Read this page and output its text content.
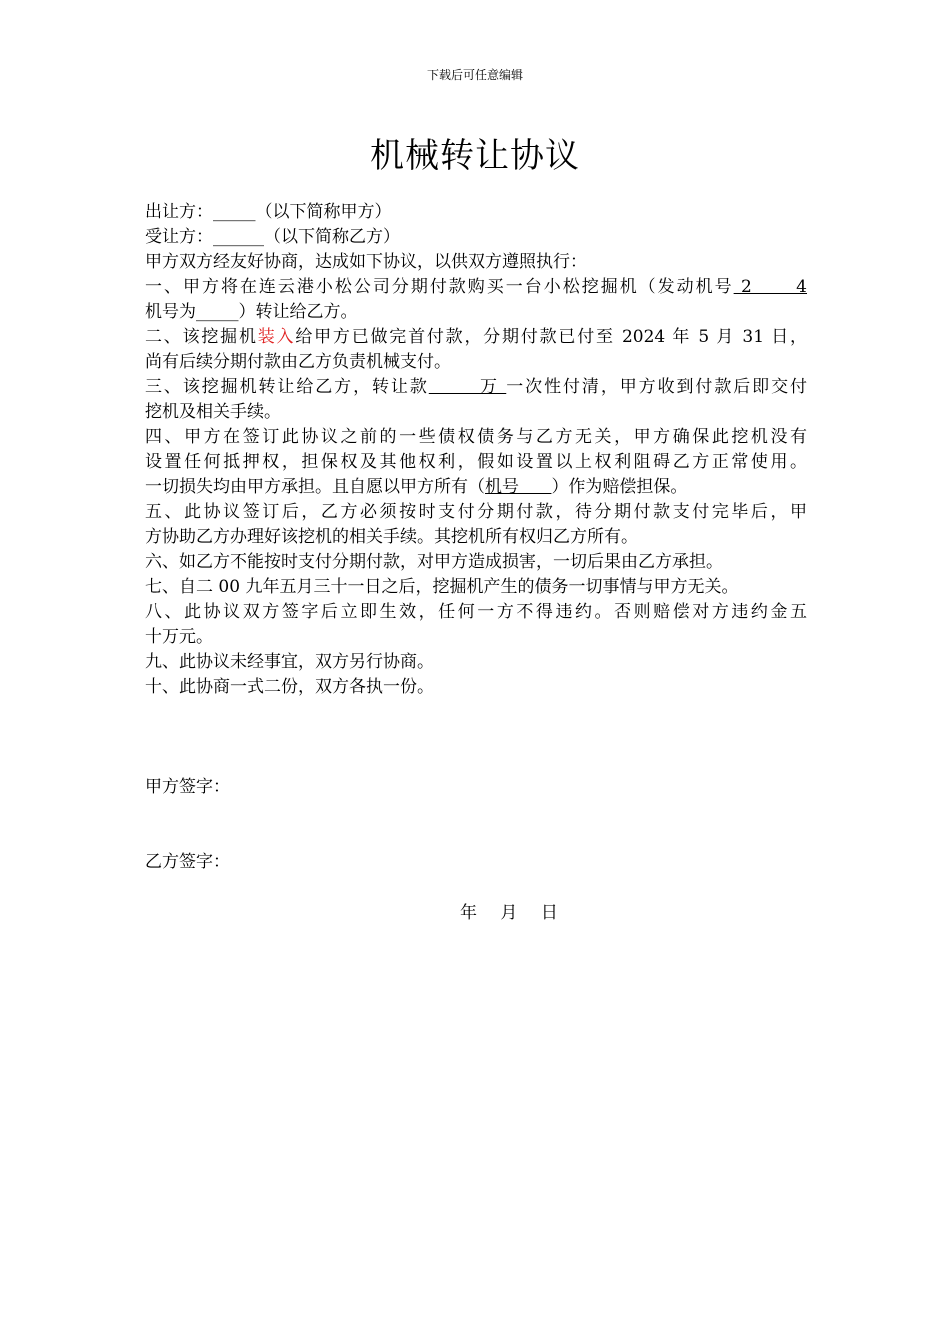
下载后可任意编辑
机械转让协议
出让方：_____（以下简称甲方）
受让方：______（以下简称乙方）
甲方双方经友好协商，达成如下协议，以供双方遵照执行：
一、甲方将在连云港小松公司分期付款购买一台小松挖掘机（发动机号 2      4
机号为_____）转让给乙方。
二、该挖掘机装入给甲方已做完首付款，分期付款已付至 2024 年 5 月 31 日，
尚有后续分期付款由乙方负责机械支付。
三、该挖掘机转让给乙方，转让款       万 一次性付清，甲方收到付款后即交付
挖机及相关手续。
四、甲方在签订此协议之前的一些债权债务与乙方无关，甲方确保此挖机没有
设置任何抵押权，担保权及其他权利，假如设置以上权利阻碍乙方正常使用。
一切损失均由甲方承担。且自愿以甲方所有（机号      ）作为赔偿担保。
五、此协议签订后，乙方必须按时支付分期付款，待分期付款支付完毕后，甲
方协助乙方办理好该挖机的相关手续。其挖机所有权归乙方所有。
六、如乙方不能按时支付分期付款，对甲方造成损害，一切后果由乙方承担。
七、自二 00 九年五月三十一日之后，挖掘机产生的债务一切事情与甲方无关。
八、此协议双方签字后立即生效，任何一方不得违约。否则赔偿对方违约金五
十万元。
九、此协议未经事宜，双方另行协商。
十、此协商一式二份，双方各执一份。
甲方签字：
乙方签字：
年 月 日
